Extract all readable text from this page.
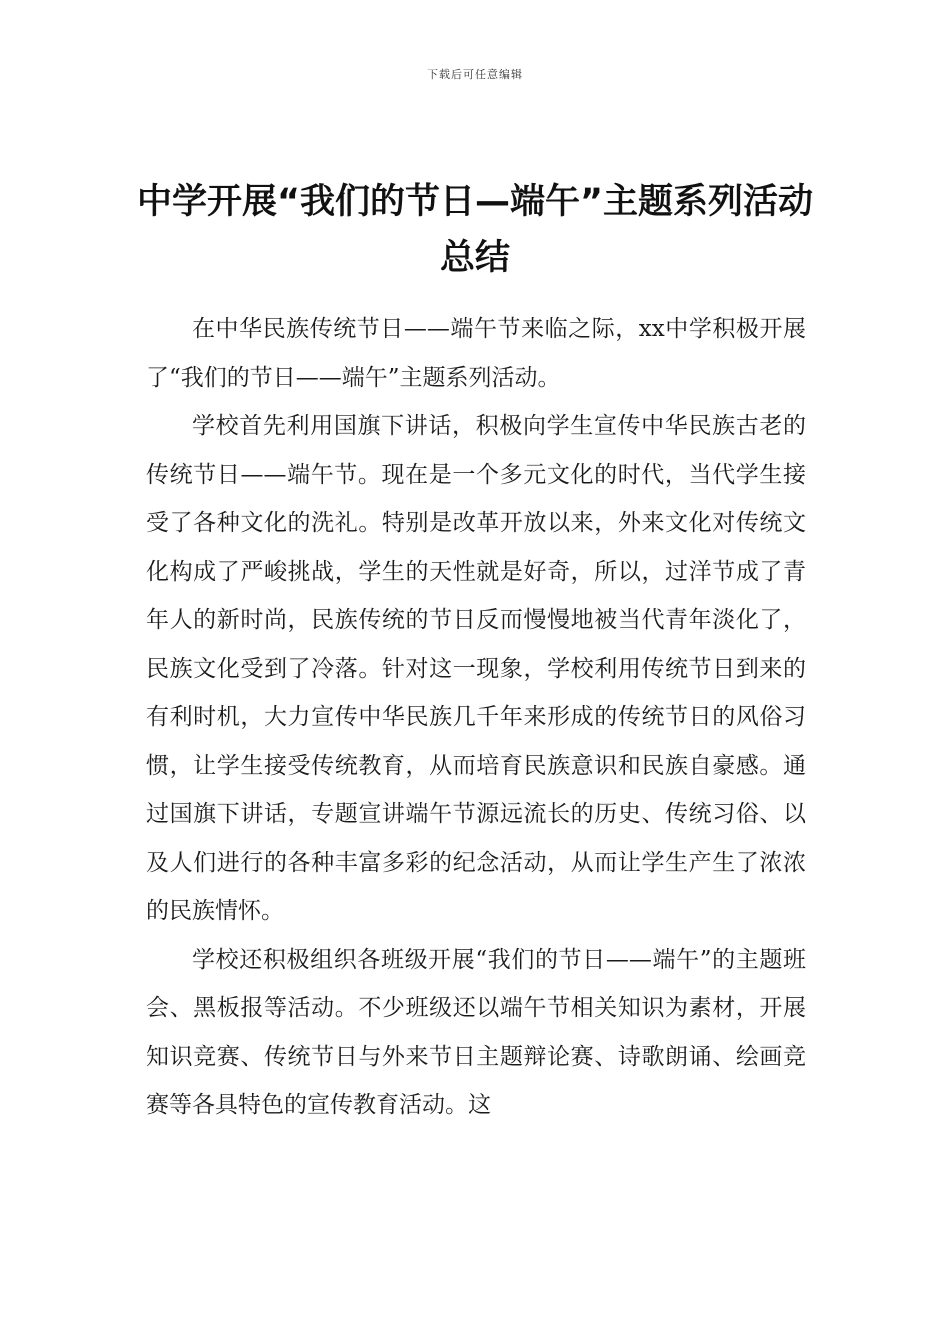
下载后可任意编辑
中学开展“我们的节日—端午”主题系列活动总结

在中华民族传统节日——端午节来临之际，xx中学积极开展了“我们的节日——端午”主题系列活动。

学校首先利用国旗下讲话，积极向学生宣传中华民族古老的传统节日——端午节。现在是一个多元文化的时代，当代学生接受了各种文化的洗礼。特别是改革开放以来，外来文化对传统文化构成了严峻挑战，学生的天性就是好奇，所以，过洋节成了青年人的新时尚，民族传统的节日反而慢慢地被当代青年淡化了，民族文化受到了冷落。针对这一现象，学校利用传统节日到来的有利时机，大力宣传中华民族几千年来形成的传统节日的风俗习惯，让学生接受传统教育，从而培育民族意识和民族自豪感。通过国旗下讲话，专题宣讲端午节源远流长的历史、传统习俗、以及人们进行的各种丰富多彩的纪念活动，从而让学生产生了浓浓的民族情怀。

学校还积极组织各班级开展“我们的节日——端午”的主题班会、黑板报等活动。不少班级还以端午节相关知识为素材，开展知识竞赛、传统节日与外来节日主题辩论赛、诗歌朗诵、绘画竞赛等各具特色的宣传教育活动。这
